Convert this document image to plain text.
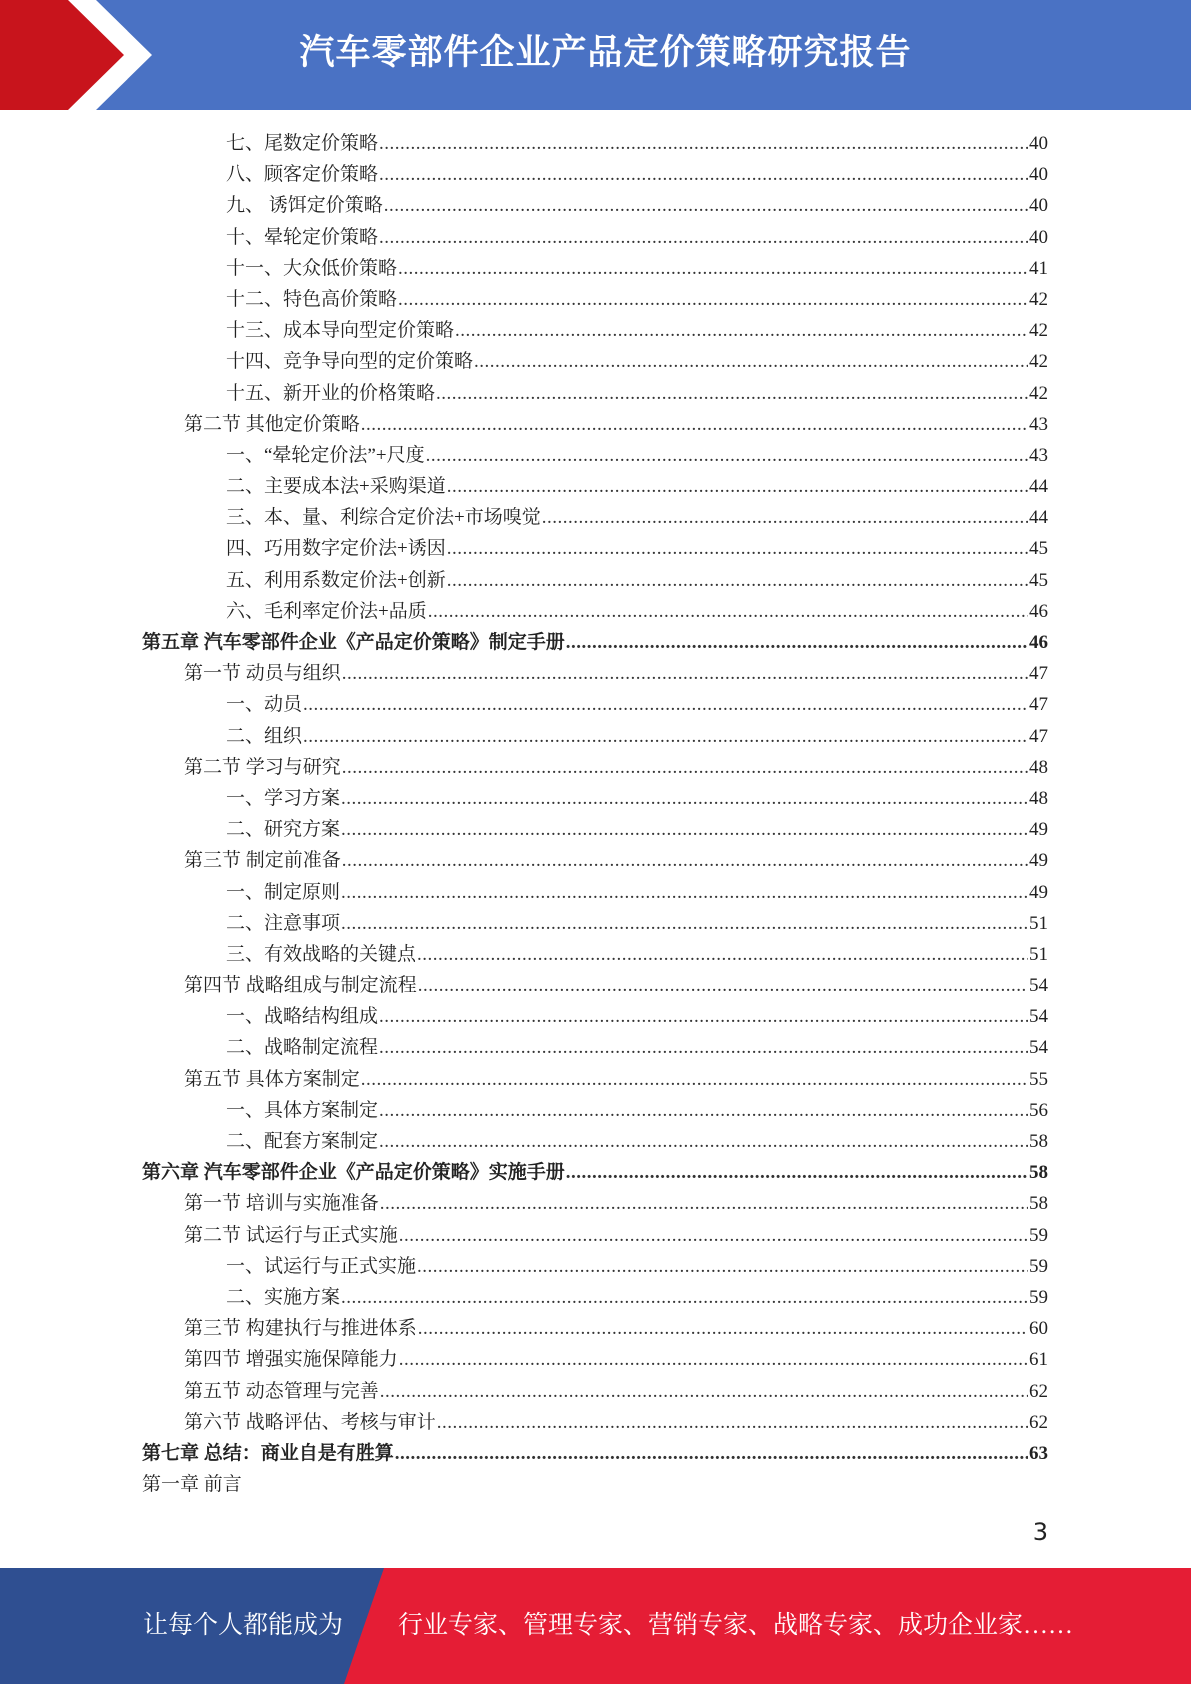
汽车零部件企业产品定价策略研究报告
七、尾数定价策略 .....	40
八、顾客定价策略 .....	40
九、 诱饵定价策略 .....	40
十、晕轮定价策略 .....	40
十一、大众低价策略 .....	41
十二、特色高价策略 .....	42
十三、成本导向型定价策略 .....	42
十四、竞争导向型的定价策略 .....	42
十五、新开业的价格策略 .....	42
第二节 其他定价策略 .....	43
一、“晕轮定价法”+尺度 .....	43
二、主要成本法+采购渠道 .....	44
三、本、量、利综合定价法+市场嗅觉 .....	44
四、巧用数字定价法+诱因 .....	45
五、利用系数定价法+创新 .....	45
六、毛利率定价法+品质 .....	46
第五章 汽车零部件企业《产品定价策略》制定手册 .....	46
第一节 动员与组织 .....	47
一、动员 .....	47
二、组织 .....	47
第二节 学习与研究 .....	48
一、学习方案 .....	48
二、研究方案 .....	49
第三节 制定前准备 .....	49
一、制定原则 .....	49
二、注意事项 .....	51
三、有效战略的关键点 .....	51
第四节 战略组成与制定流程 .....	54
一、战略结构组成 .....	54
二、战略制定流程 .....	54
第五节 具体方案制定 .....	55
一、具体方案制定 .....	56
二、配套方案制定 .....	58
第六章 汽车零部件企业《产品定价策略》实施手册 .....	58
第一节 培训与实施准备 .....	58
第二节 试运行与正式实施 .....	59
一、试运行与正式实施 .....	59
二、实施方案 .....	59
第三节 构建执行与推进体系 .....	60
第四节 增强实施保障能力 .....	61
第五节 动态管理与完善 .....	62
第六节 战略评估、考核与审计 .....	62
第七章 总结：商业自是有胜算 .....	63
第一章 前言
3
让每个人都能成为 行业专家、管理专家、营销专家、战略专家、成功企业家……
